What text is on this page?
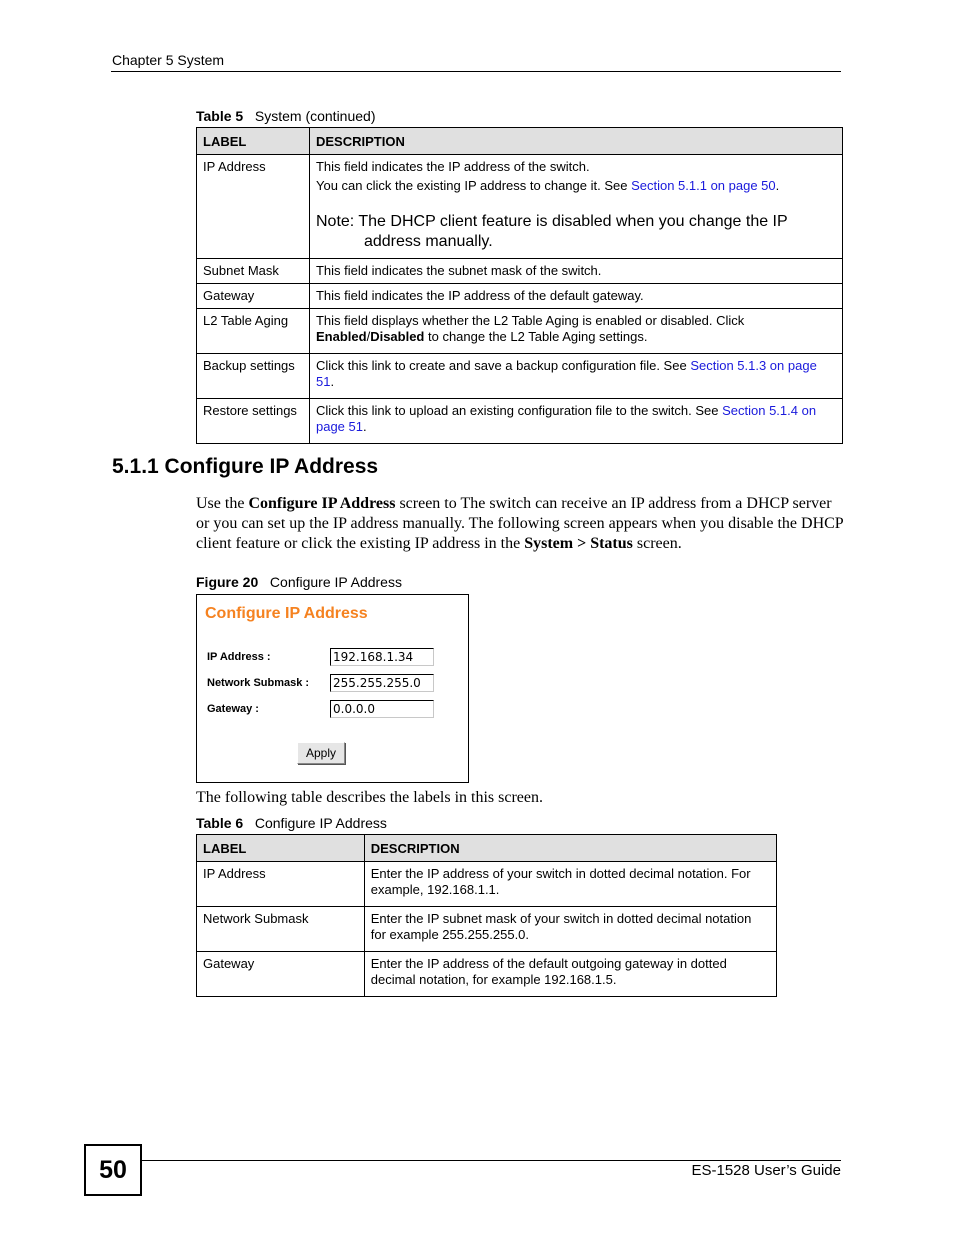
Chapter 5 System
Table 5 System (continued)
LABEL	DESCRIPTION

IP Address	This field indicates the IP address of the switch.
You can click the existing IP address to change it. See Section 5.1.1 on page 50.
Note: The DHCP client feature is disabled when you change the IP
address manually.

Subnet Mask	This field indicates the subnet mask of the switch.

Gateway	This field indicates the IP address of the default gateway.

L2 Table Aging	This field displays whether the L2 Table Aging is enabled or disabled. Click Enabled/Disabled to change the L2 Table Aging settings.

Backup settings	Click this link to create and save a backup configuration file. See Section 5.1.3 on page 51.

Restore settings	Click this link to upload an existing configuration file to the switch. See Section 5.1.4 on page 51.
5.1.1 Configure IP Address
Use the Configure IP Address screen to The switch can receive an IP address from a DHCP server or you can set up the IP address manually. The following screen appears when you disable the DHCP client feature or click the existing IP address in the System > Status screen.
Figure 20 Configure IP Address
Configure IP Address
IP Address :	192.168.1.34
Network Submask : 255.255.255.0
Gateway :	0.0.0.0
Apply
The following table describes the labels in this screen.
Table 6 Configure IP Address
LABEL	DESCRIPTION

IP Address	Enter the IP address of your switch in dotted decimal notation. For example, 192.168.1.1.

Network Submask	Enter the IP subnet mask of your switch in dotted decimal notation for example 255.255.255.0.

Gateway	Enter the IP address of the default outgoing gateway in dotted decimal notation, for example 192.168.1.5.
50	ES-1528 User’s Guide
